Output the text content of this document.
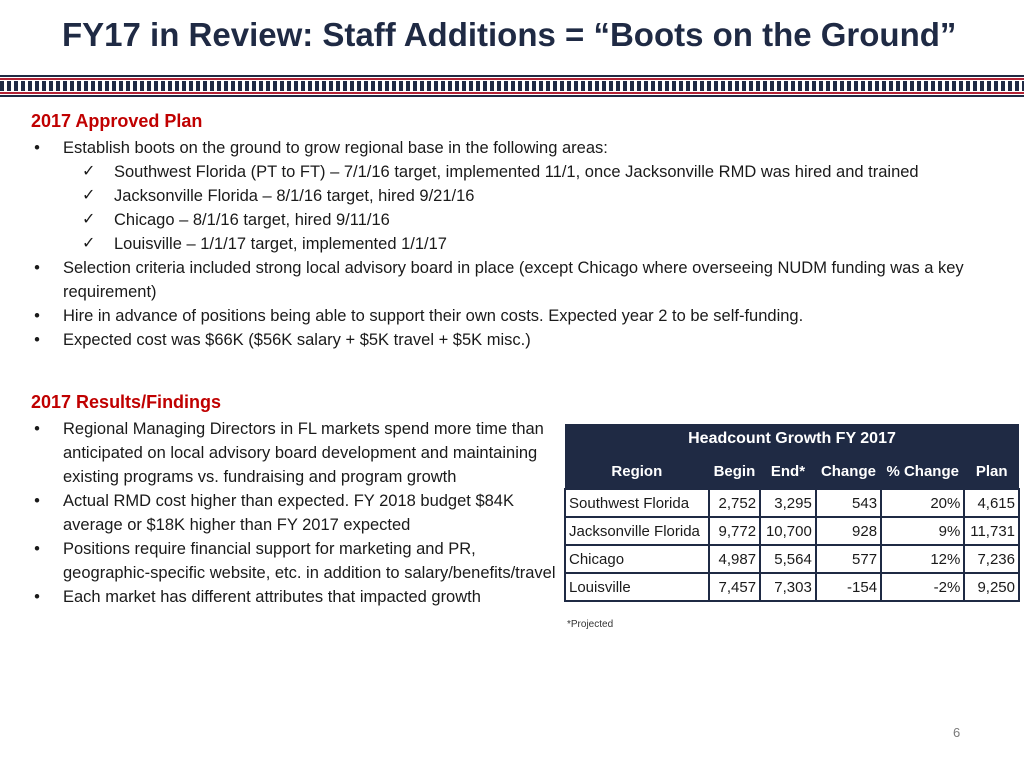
FY17 in Review: Staff Additions = “Boots on the Ground”
2017 Approved Plan
• Establish boots on the ground to grow regional base in the following areas:
✓ Southwest Florida (PT to FT) – 7/1/16 target, implemented 11/1, once Jacksonville RMD was hired and trained
✓ Jacksonville Florida – 8/1/16 target, hired 9/21/16
✓ Chicago – 8/1/16 target, hired 9/11/16
✓ Louisville – 1/1/17 target, implemented 1/1/17
• Selection criteria included strong local advisory board in place (except Chicago where overseeing NUDM funding was a key requirement)
• Hire in advance of positions being able to support their own costs. Expected year 2 to be self-funding.
• Expected cost was $66K ($56K salary + $5K travel + $5K misc.)
2017 Results/Findings
• Regional Managing Directors in FL markets spend more time than anticipated on local advisory board development and maintaining existing programs vs. fundraising and program growth
• Actual RMD cost higher than expected. FY 2018 budget $84K average or $18K higher than FY 2017 expected
• Positions require financial support for marketing and PR, geographic-specific website, etc. in addition to salary/benefits/travel
• Each market has different attributes that impacted growth
Headcount Growth FY 2017					
Region	Begin	End*	Change	% Change	Plan
Southwest Florida	2,752	3,295	543	20%	4,615
Jacksonville Florida	9,772	10,700	928	9%	11,731
Chicago	4,987	5,564	577	12%	7,236
Louisville	7,457	7,303	-154	-2%	9,250
*Projected
6
